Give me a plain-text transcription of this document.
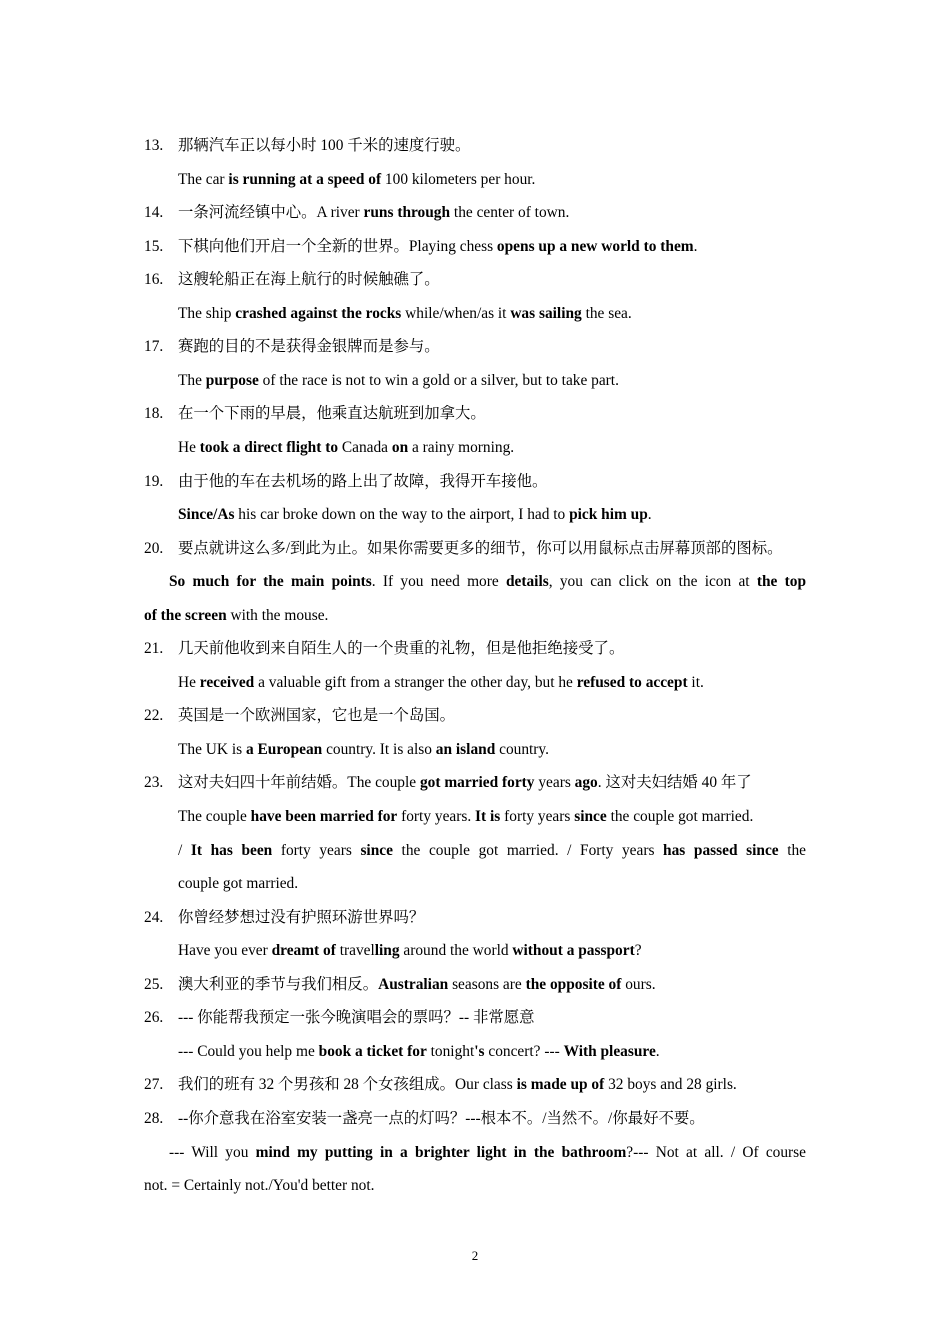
13. 那辆汽车正以每小时 100 千米的速度行驶。
The car is running at a speed of 100 kilometers per hour.
14. 一条河流经镇中心。A river runs through the center of town.
15. 下棋向他们开启一个全新的世界。Playing chess opens up a new world to them.
16. 这艘轮船正在海上航行的时候触礁了。
The ship crashed against the rocks while/when/as it was sailing the sea.
17. 赛跑的目的不是获得金银牌而是参与。
The purpose of the race is not to win a gold or a silver, but to take part.
18. 在一个下雨的早晨，他乘直达航班到加拿大。
He took a direct flight to Canada on a rainy morning.
19. 由于他的车在去机场的路上出了故障，我得开车接他。
Since/As his car broke down on the way to the airport, I had to pick him up.
20. 要点就讲这么多/到此为止。如果你需要更多的细节，你可以用鼠标点击屏幕顶部的图标。
So much for the main points. If you need more details, you can click on the icon at the top
of the screen with the mouse.
21. 几天前他收到来自陌生人的一个贵重的礼物，但是他拒绝接受了。
He received a valuable gift from a stranger the other day, but he refused to accept it.
22. 英国是一个欧洲国家，它也是一个岛国。
The UK is a European country. It is also an island country.
23. 这对夫妇四十年前结婚。The couple got married forty years ago. 这对夫妇结婚 40 年了
The couple have been married for forty years. It is forty years since the couple got married.
/ It has been forty years since the couple got married. / Forty years has passed since the
couple got married.
24. 你曾经梦想过没有护照环游世界吗？
Have you ever dreamt of travelling around the world without a passport?
25. 澳大利亚的季节与我们相反。Australian seasons are the opposite of ours.
26. --- 你能帮我预定一张今晚演唱会的票吗？-- 非常愿意
--- Could you help me book a ticket for tonight's concert? --- With pleasure.
27. 我们的班有 32 个男孩和 28 个女孩组成。Our class is made up of 32 boys and 28 girls.
28. --你介意我在浴室安装一盏亮一点的灯吗？---根本不。/当然不。/你最好不要。
--- Will you mind my putting in a brighter light in the bathroom?--- Not at all. / Of course
not. = Certainly not./You'd better not.
2
